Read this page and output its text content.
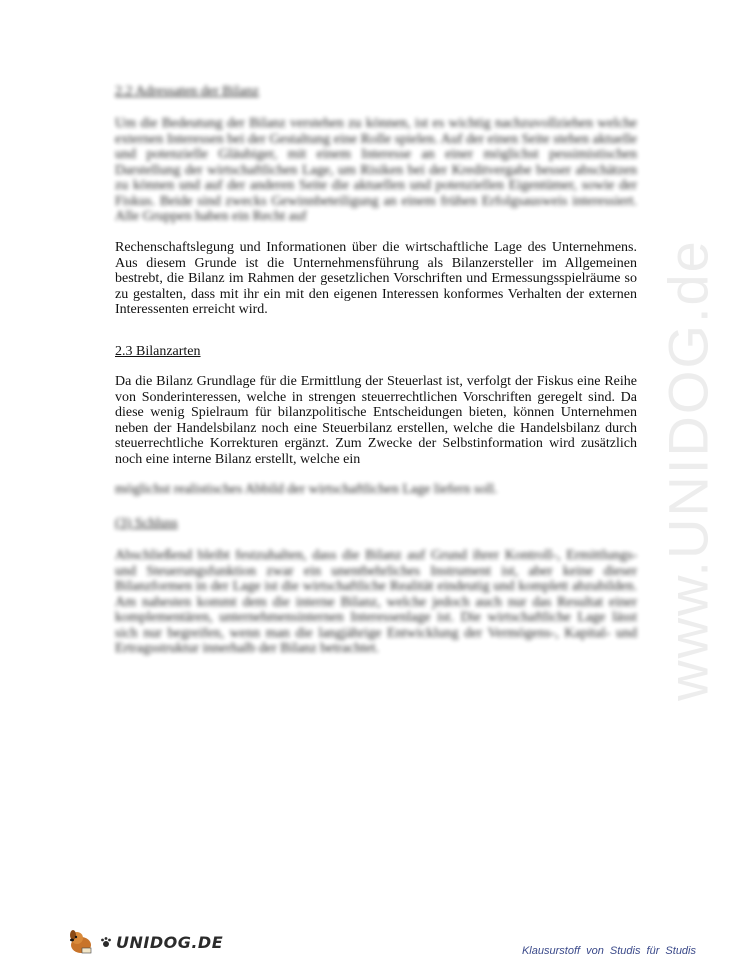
www.UNIDOG.de
2.2 Adressaten der Bilanz

Um die Bedeutung der Bilanz verstehen zu können, ist es wichtig nachzuvollziehen welche externen Interessen bei der Gestaltung eine Rolle spielen. Auf der einen Seite stehen aktuelle und potenzielle Gläubiger, mit einem Interesse an einer möglichst pessimistischen Darstellung der wirtschaftlichen Lage, um Risiken bei der Kreditvergabe besser abschätzen zu können und auf der anderen Seite die aktuellen und potenziellen Eigentümer, sowie der Fiskus. Beide sind zwecks Gewinnbeteiligung an einem frühen Erfolgsausweis interessiert. Alle Gruppen haben ein Recht auf

Rechenschaftslegung und Informationen über die wirtschaftliche Lage des Unternehmens. Aus diesem Grunde ist die Unternehmensführung als Bilanzersteller im Allgemeinen bestrebt, die Bilanz im Rahmen der gesetzlichen Vorschriften und Ermessungsspielräume so zu gestalten, dass mit ihr ein mit den eigenen Interessen konformes Verhalten der externen Interessenten erreicht wird.

2.3 Bilanzarten

Da die Bilanz Grundlage für die Ermittlung der Steuerlast ist, verfolgt der Fiskus eine Reihe von Sonderinteressen, welche in strengen steuerrechtlichen Vorschriften geregelt sind. Da diese wenig Spielraum für bilanzpolitische Entscheidungen bieten, können Unternehmen neben der Handelsbilanz noch eine Steuerbilanz erstellen, welche die Handelsbilanz durch steuerrechtliche Korrekturen ergänzt. Zum Zwecke der Selbstinformation wird zusätzlich noch eine interne Bilanz erstellt, welche ein

möglichst realistisches Abbild der wirtschaftlichen Lage liefern soll.

(3) Schluss

Abschließend bleibt festzuhalten, dass die Bilanz auf Grund ihrer Kontroll-, Ermittlungs- und Steuerungsfunktion zwar ein unentbehrliches Instrument ist, aber keine dieser Bilanzformen in der Lage ist die wirtschaftliche Realität eindeutig und komplett abzubilden. Am nahesten kommt dem die interne Bilanz, welche jedoch auch nur das Resultat einer komplementären, unternehmensinternen Interessenlage ist. Die wirtschaftliche Lage lässt sich nur begreifen, wenn man die langjährige Entwicklung der Vermögens-, Kapital- und Ertragsstruktur innerhalb der Bilanz betrachtet.

UNIDOG.DE	Klausurstoff von Studis für Studis
